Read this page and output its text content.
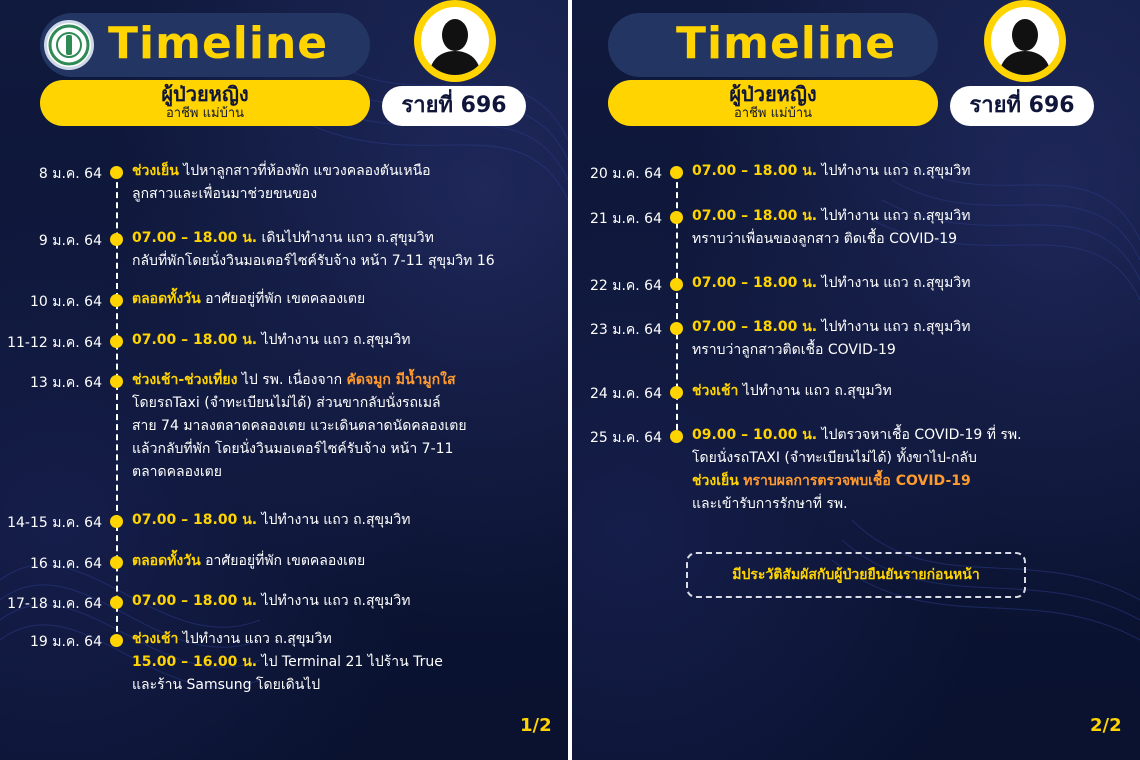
Timeline
ผู้ป่วยหญิง
อาชีพ แม่บ้าน	รายที่ 696
8 ม.ค. 64 ช่วงเย็น ไปหาลูกสาวที่ห้องพัก แขวงคลองตันเหนือ
ลูกสาวและเพื่อนมาช่วยขนของ
9 ม.ค. 64 07.00 – 18.00 น. เดินไปทำงาน แถว ถ.สุขุมวิท
กลับที่พักโดยนั่งวินมอเตอร์ไซค์รับจ้าง หน้า 7-11 สุขุมวิท 16
10 ม.ค. 64 ตลอดทั้งวัน อาศัยอยู่ที่พัก เขตคลองเตย
11-12 ม.ค. 64 07.00 – 18.00 น. ไปทำงาน แถว ถ.สุขุมวิท
13 ม.ค. 64 ช่วงเช้า-ช่วงเที่ยง ไป รพ. เนื่องจาก คัดจมูก มีน้ำมูกใส
โดยรถTaxi (จำทะเบียนไม่ได้) ส่วนขากลับนั่งรถเมล์
สาย 74 มาลงตลาดคลองเตย แวะเดินตลาดนัดคลองเตย
แล้วกลับที่พัก โดยนั่งวินมอเตอร์ไซค์รับจ้าง หน้า 7-11
ตลาดคลองเตย
14-15 ม.ค. 64 07.00 – 18.00 น. ไปทำงาน แถว ถ.สุขุมวิท
16 ม.ค. 64 ตลอดทั้งวัน อาศัยอยู่ที่พัก เขตคลองเตย
17-18 ม.ค. 64 07.00 – 18.00 น. ไปทำงาน แถว ถ.สุขุมวิท
19 ม.ค. 64 ช่วงเช้า ไปทำงาน แถว ถ.สุขุมวิท
15.00 – 16.00 น. ไป Terminal 21 ไปร้าน True
และร้าน Samsung โดยเดินไป
1/2
Timeline
ผู้ป่วยหญิง
อาชีพ แม่บ้าน	รายที่ 696
20 ม.ค. 64 07.00 – 18.00 น. ไปทำงาน แถว ถ.สุขุมวิท
21 ม.ค. 64 07.00 – 18.00 น. ไปทำงาน แถว ถ.สุขุมวิท
ทราบว่าเพื่อนของลูกสาว ติดเชื้อ COVID-19
22 ม.ค. 64 07.00 – 18.00 น. ไปทำงาน แถว ถ.สุขุมวิท
23 ม.ค. 64 07.00 – 18.00 น. ไปทำงาน แถว ถ.สุขุมวิท
ทราบว่าลูกสาวติดเชื้อ COVID-19
24 ม.ค. 64 ช่วงเช้า ไปทำงาน แถว ถ.สุขุมวิท
25 ม.ค. 64 09.00 – 10.00 น. ไปตรวจหาเชื้อ COVID-19 ที่ รพ.
โดยนั่งรถTAXI (จำทะเบียนไม่ได้) ทั้งขาไป-กลับ
ช่วงเย็น ทราบผลการตรวจพบเชื้อ COVID-19
และเข้ารับการรักษาที่ รพ.
มีประวัติสัมผัสกับผู้ป่วยยืนยันรายก่อนหน้า
2/2
